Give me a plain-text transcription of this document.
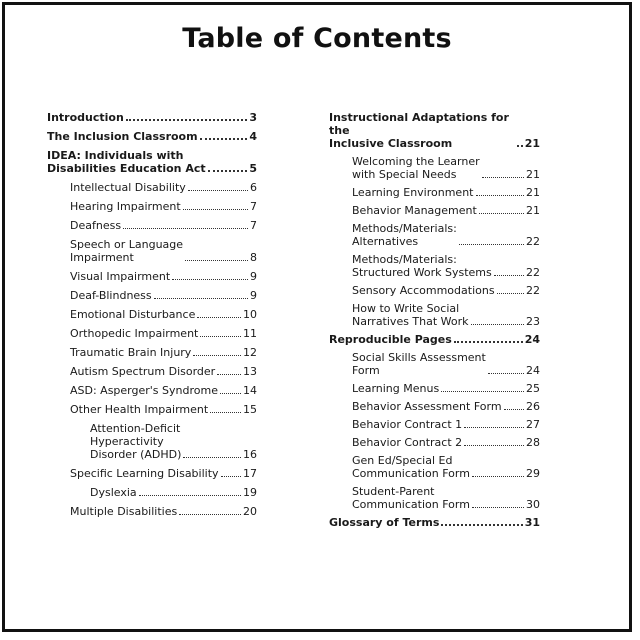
Table of Contents
Introduction	3
The Inclusion Classroom	4
IDEA: Individuals with
Disabilities Education Act	5
Intellectual Disability	6
Hearing Impairment	7
Deafness	7
Speech or Language
Impairment	8
Visual Impairment	9
Deaf-Blindness	9
Emotional Disturbance	10
Orthopedic Impairment	11
Traumatic Brain Injury	12
Autism Spectrum Disorder	13
ASD: Asperger's Syndrome 14
Other Health Impairment	15
Attention-Deficit
Hyperactivity
Disorder (ADHD)	16
Specific Learning Disability 17
Dyslexia	19
Multiple Disabilities	20
Instructional Adaptations for the
Inclusive Classroom	21
Welcoming the Learner
with Special Needs	21
Learning Environment	21
Behavior Management	21
Methods/Materials:
Alternatives	22
Methods/Materials:
Structured Work Systems	22
Sensory Accommodations	22
How to Write Social
Narratives That Work	23
Reproducible Pages	24
Social Skills Assessment
Form	24
Learning Menus	25
Behavior Assessment Form 26
Behavior Contract 1	27
Behavior Contract 2	28
Gen Ed/Special Ed
Communication Form	29
Student-Parent
Communication Form	30
Glossary of Terms	31
